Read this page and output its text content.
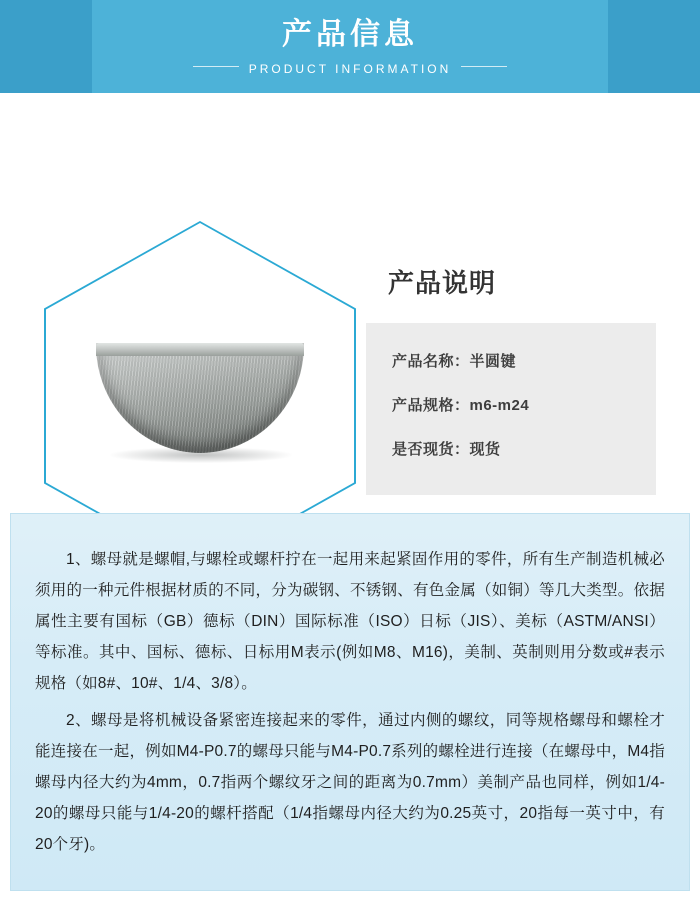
产品信息
PRODUCT INFORMATION
产品说明
产品名称：半圆键
产品规格：m6-m24
是否现货：现货

1、螺母就是螺帽,与螺栓或螺杆拧在一起用来起紧固作用的零件，所有生产制造机械必须用的一种元件根据材质的不同，分为碳钢、不锈钢、有色金属（如铜）等几大类型。依据属性主要有国标（GB）德标（DIN）国际标准（ISO）日标（JIS）、美标（ASTM/ANSI）等标准。其中、国标、德标、日标用M表示(例如M8、M16)，美制、英制则用分数或#表示规格（如8#、10#、1/4、3/8）。

2、螺母是将机械设备紧密连接起来的零件，通过内侧的螺纹，同等规格螺母和螺栓才能连接在一起，例如M4-P0.7的螺母只能与M4-P0.7系列的螺栓进行连接（在螺母中，M4指螺母内径大约为4mm，0.7指两个螺纹牙之间的距离为0.7mm）美制产品也同样，例如1/4-20的螺母只能与1/4-20的螺杆搭配（1/4指螺母内径大约为0.25英寸，20指每一英寸中，有20个牙)。
